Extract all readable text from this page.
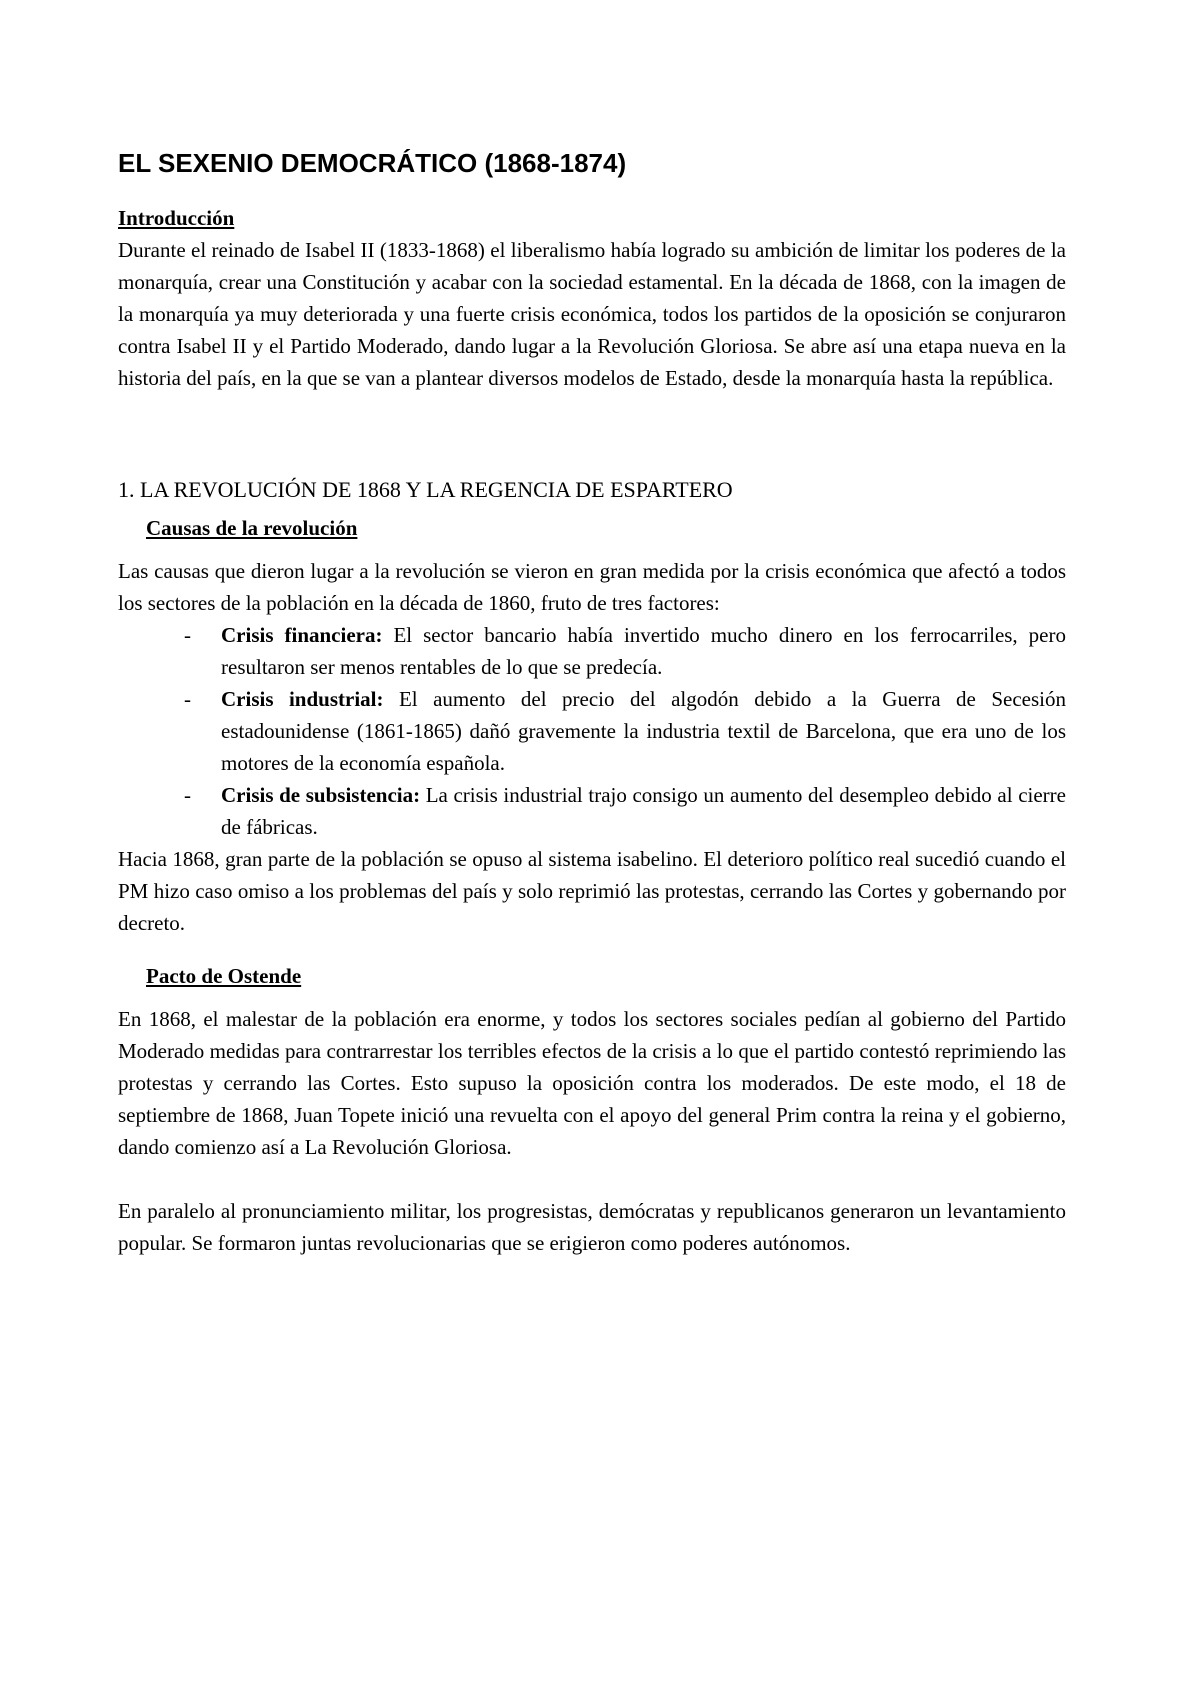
EL SEXENIO DEMOCRÁTICO (1868-1874)
Introducción

Durante el reinado de Isabel II (1833-1868) el liberalismo había logrado su ambición de limitar los poderes de la monarquía, crear una Constitución y acabar con la sociedad estamental. En la década de 1868, con la imagen de la monarquía ya muy deteriorada y una fuerte crisis económica, todos los partidos de la oposición se conjuraron contra Isabel II y el Partido Moderado, dando lugar a la Revolución Gloriosa. Se abre así una etapa nueva en la historia del país, en la que se van a plantear diversos modelos de Estado, desde la monarquía hasta la república.

1. LA REVOLUCIÓN DE 1868 Y LA REGENCIA DE ESPARTERO
Causas de la revolución

Las causas que dieron lugar a la revolución se vieron en gran medida por la crisis económica que afectó a todos los sectores de la población en la década de 1860, fruto de tres factores:

- Crisis financiera: El sector bancario había invertido mucho dinero en los ferrocarriles, pero resultaron ser menos rentables de lo que se predecía.
- Crisis industrial: El aumento del precio del algodón debido a la Guerra de Secesión estadounidense (1861-1865) dañó gravemente la industria textil de Barcelona, que era uno de los motores de la economía española.
- Crisis de subsistencia: La crisis industrial trajo consigo un aumento del desempleo debido al cierre de fábricas.

Hacia 1868, gran parte de la población se opuso al sistema isabelino. El deterioro político real sucedió cuando el PM hizo caso omiso a los problemas del país y solo reprimió las protestas, cerrando las Cortes y gobernando por decreto.

Pacto de Ostende

En 1868, el malestar de la población era enorme, y todos los sectores sociales pedían al gobierno del Partido Moderado medidas para contrarrestar los terribles efectos de la crisis a lo que el partido contestó reprimiendo las protestas y cerrando las Cortes. Esto supuso la oposición contra los moderados. De este modo, el 18 de septiembre de 1868, Juan Topete inició una revuelta con el apoyo del general Prim contra la reina y el gobierno, dando comienzo así a La Revolución Gloriosa.

En paralelo al pronunciamiento militar, los progresistas, demócratas y republicanos generaron un levantamiento popular. Se formaron juntas revolucionarias que se erigieron como poderes autónomos.
